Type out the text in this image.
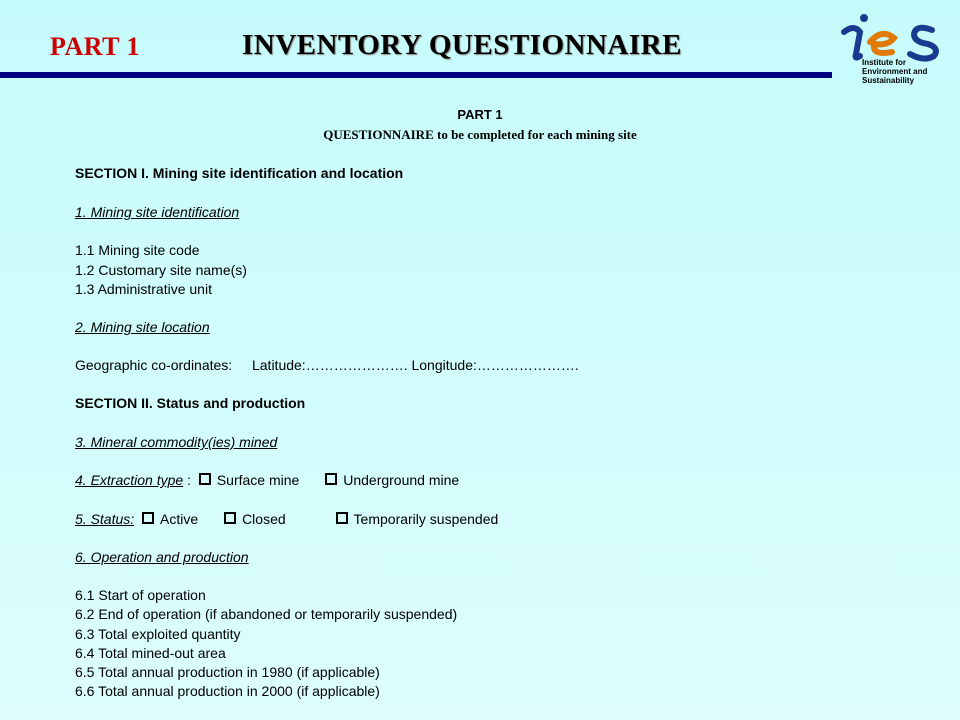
PART 1	INVENTORY QUESTIONNAIRE
Institute for
Environment and
Sustainability
PART 1
QUESTIONNAIRE to be completed for each mining site
SECTION I. Mining site identification and location
1. Mining site identification
1.1 Mining site code
1.2 Customary site name(s)
1.3 Administrative unit
2. Mining site location
Geographic co-ordinates: Latitude:…………………. Longitude:………………….
SECTION II. Status and production
3. Mineral commodity(ies) mined
4. Extraction type : Surface mine	Underground mine
5. Status: Active	Closed	Temporarily suspended
6. Operation and production
6.1 Start of operation
6.2 End of operation (if abandoned or temporarily suspended)
6.3 Total exploited quantity
6.4 Total mined-out area
6.5 Total annual production in 1980 (if applicable)
6.6 Total annual production in 2000 (if applicable)
